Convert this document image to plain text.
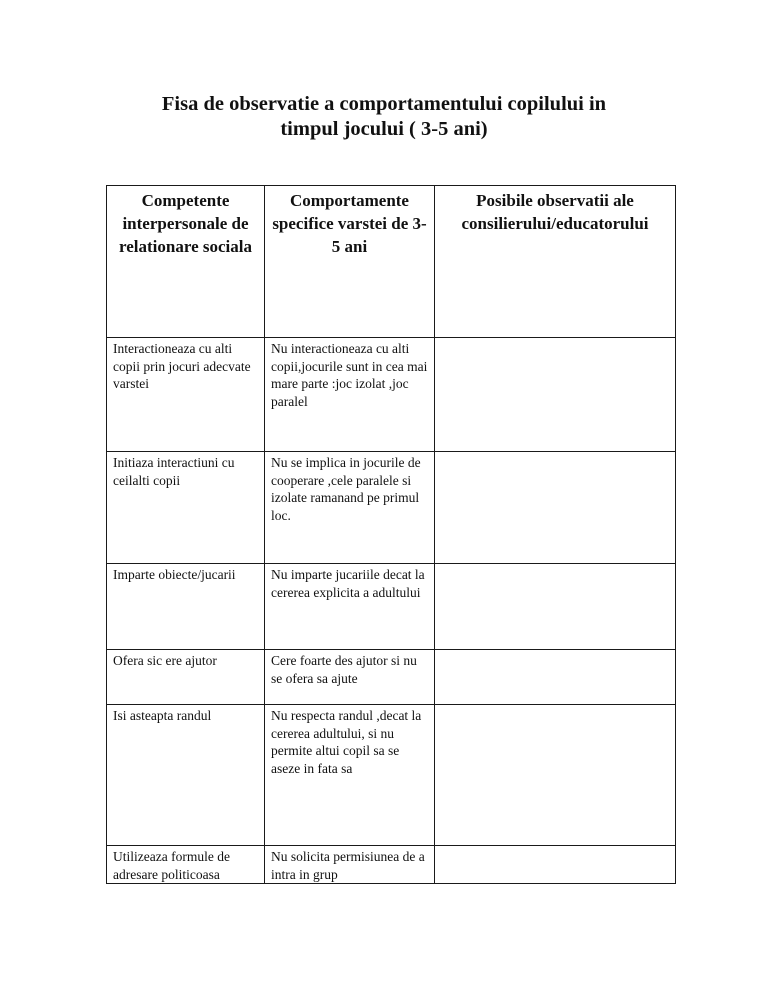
Fisa de observatie a comportamentului copilului in
timpul jocului ( 3-5 ani)
Competente interpersonale de relationare sociala	Comportamente specifice varstei de 3-5 ani	Posibile observatii ale consilierului/educatorului
Interactioneaza cu alti copii prin jocuri adecvate varstei	Nu interactioneaza cu alti copii,jocurile sunt in cea mai mare parte :joc izolat ,joc paralel	
Initiaza interactiuni cu ceilalti copii	Nu se implica in jocurile de cooperare ,cele paralele si izolate ramanand pe primul loc.	
Imparte obiecte/jucarii	Nu imparte jucariile decat la cererea explicita a adultului	
Ofera sic ere ajutor	Cere foarte des ajutor si nu se ofera sa ajute	
Isi asteapta randul	Nu respecta randul ,decat la cererea adultului, si nu permite altui copil sa se aseze in fata sa	
Utilizeaza formule de adresare politicoasa	Nu solicita permisiunea de a intra in grup	
